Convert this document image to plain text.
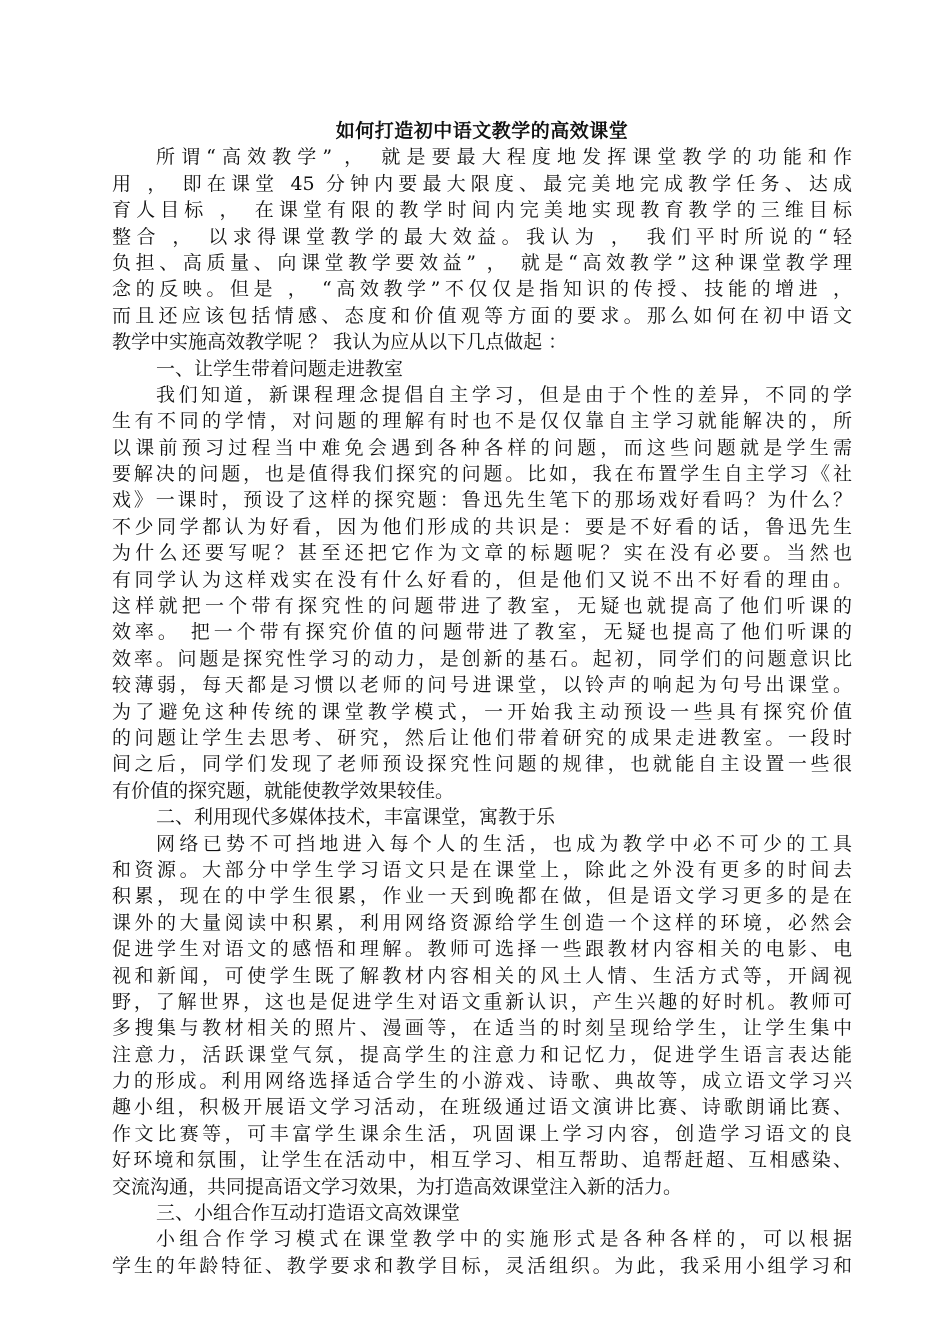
如何打造初中语文教学的高效课堂
所谓“高效教学” ， 就是要最大程度地发挥课堂教学的功能和作
用 ， 即在课堂 45 分钟内要最大限度、最完美地完成教学任务、达成
育人目标 ， 在课堂有限的教学时间内完美地实现教育教学的三维目标
整合 ， 以求得课堂教学的最大效益。我认为 ， 我们平时所说的“轻
负担、高质量、向课堂教学要效益” ， 就是“高效教学”这种课堂教学理
念的反映。但是 ， “高效教学”不仅仅是指知识的传授、技能的增进 ，
而且还应该包括情感、态度和价值观等方面的要求。那么如何在初中语文
教学中实施高效教学呢 ？ 我认为应从以下几点做起 ：
一、让学生带着问题走进教室
我们知道，新课程理念提倡自主学习，但是由于个性的差异，不同的学
生有不同的学情，对问题的理解有时也不是仅仅靠自主学习就能解决的，所
以课前预习过程当中难免会遇到各种各样的问题，而这些问题就是学生需
要解决的问题，也是值得我们探究的问题。比如，我在布置学生自主学习《社
戏》一课时，预设了这样的探究题：鲁迅先生笔下的那场戏好看吗？为什么？
不少同学都认为好看，因为他们形成的共识是：要是不好看的话，鲁迅先生
为什么还要写呢？甚至还把它作为文章的标题呢？实在没有必要。当然也
有同学认为这样戏实在没有什么好看的，但是他们又说不出不好看的理由。
这样就把一个带有探究性的问题带进了教室，无疑也就提高了他们听课的
效率。 把一个带有探究价值的问题带进了教室，无疑也提高了他们听课的
效率。问题是探究性学习的动力，是创新的基石。起初，同学们的问题意识比
较薄弱，每天都是习惯以老师的问号进课堂，以铃声的响起为句号出课堂。
为了避免这种传统的课堂教学模式，一开始我主动预设一些具有探究价值
的问题让学生去思考、研究，然后让他们带着研究的成果走进教室。一段时
间之后，同学们发现了老师预设探究性问题的规律，也就能自主设置一些很
有价值的探究题，就能使教学效果较佳。
二、利用现代多媒体技术，丰富课堂，寓教于乐
网络已势不可挡地进入每个人的生活，也成为教学中必不可少的工具
和资源。大部分中学生学习语文只是在课堂上，除此之外没有更多的时间去
积累，现在的中学生很累，作业一天到晚都在做，但是语文学习更多的是在
课外的大量阅读中积累，利用网络资源给学生创造一个这样的环境，必然会
促进学生对语文的感悟和理解。教师可选择一些跟教材内容相关的电影、电
视和新闻，可使学生既了解教材内容相关的风土人情、生活方式等，开阔视
野，了解世界，这也是促进学生对语文重新认识，产生兴趣的好时机。教师可
多搜集与教材相关的照片、漫画等，在适当的时刻呈现给学生，让学生集中
注意力，活跃课堂气氛，提高学生的注意力和记忆力，促进学生语言表达能
力的形成。利用网络选择适合学生的小游戏、诗歌、典故等，成立语文学习兴
趣小组，积极开展语文学习活动，在班级通过语文演讲比赛、诗歌朗诵比赛、
作文比赛等，可丰富学生课余生活，巩固课上学习内容，创造学习语文的良
好环境和氛围，让学生在活动中，相互学习、相互帮助、追帮赶超、互相感染、
交流沟通，共同提高语文学习效果，为打造高效课堂注入新的活力。
三、小组合作互动打造语文高效课堂
小组合作学习模式在课堂教学中的实施形式是各种各样的，可以根据
学生的年龄特征、教学要求和教学目标，灵活组织。为此，我采用小组学习和
